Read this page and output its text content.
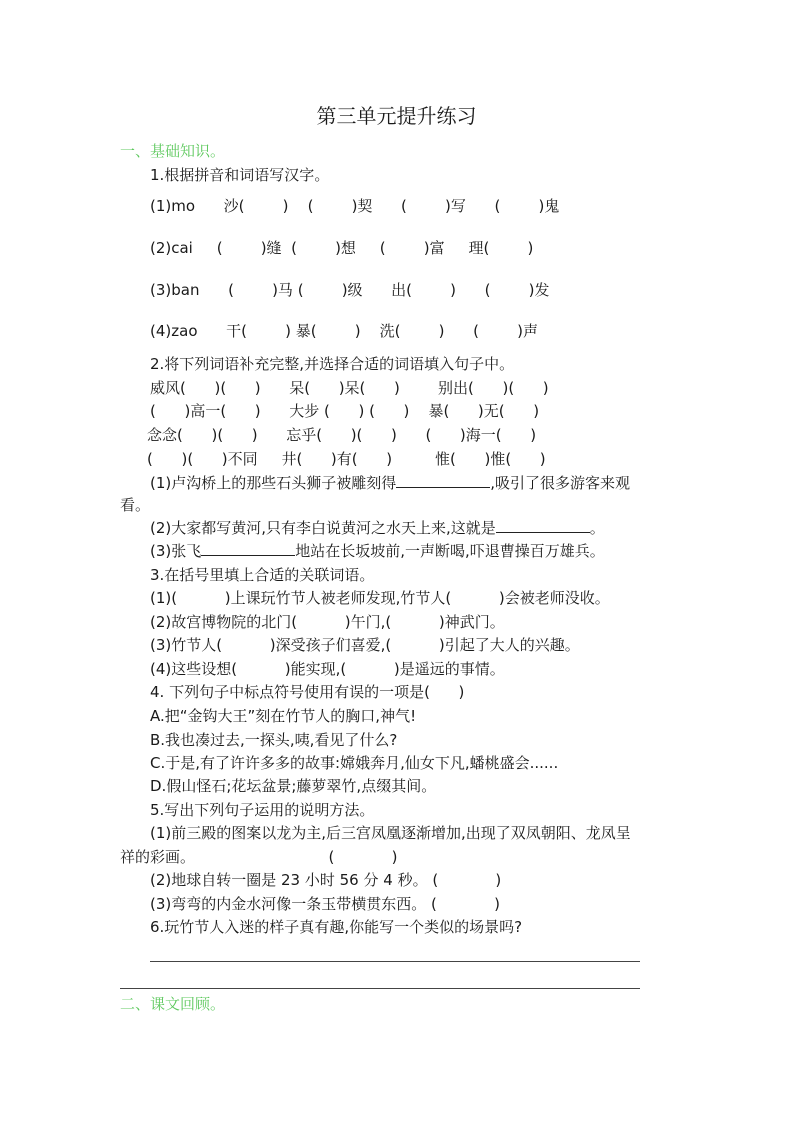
第三单元提升练习
一、基础知识。
1.根据拼音和词语写汉字。
(1)mo      沙(        )    (        )契      (        )写      (        )鬼
(2)cai     (        )缝  (        )想     (        )富     理(        )
(3)ban      (        )马 (        )级      出(        )      (        )发
(4)zao      干(        ) 暴(        )    洗(        )      (        )声
2.将下列词语补充完整,并选择合适的词语填入句子中。
威风(      )(      )      呆(      )呆(      )        别出(      )(      )
(      )高一(      )      大步 (      ) (      )    暴(      )无(      )
念念(      )(      )      忘乎(      )(      )      (      )海一(      )
(      )(      )不同     井(      )有(      )         惟(      )惟(      )
(1)卢沟桥上的那些石头狮子被雕刻得	,吸引了很多游客来观
看。
(2)大家都写黄河,只有李白说黄河之水天上来,这就是	。
(3)张飞	地站在长坂坡前,一声断喝,吓退曹操百万雄兵。
3.在括号里填上合适的关联词语。
(1)(          )上课玩竹节人被老师发现,竹节人(          )会被老师没收。
(2)故宫博物院的北门(          )午门,(          )神武门。
(3)竹节人(          )深受孩子们喜爱,(          )引起了大人的兴趣。
(4)这些设想(          )能实现,(          )是遥远的事情。
4. 下列句子中标点符号使用有误的一项是(      )
A.把“金钩大王”刻在竹节人的胸口,神气!
B.我也凑过去,一探头,咦,看见了什么?
C.于是,有了许许多多的故事:嫦娥奔月,仙女下凡,蟠桃盛会......
D.假山怪石;花坛盆景;藤萝翠竹,点缀其间。
5.写出下列句子运用的说明方法。
(1)前三殿的图案以龙为主,后三宫凤凰逐渐增加,出现了双凤朝阳、龙凤呈
祥的彩画。                            (            )
(2)地球自转一圈是 23 小时 56 分 4 秒。 (            )
(3)弯弯的内金水河像一条玉带横贯东西。 (            )
6.玩竹节人入迷的样子真有趣,你能写一个类似的场景吗?
二、课文回顾。
